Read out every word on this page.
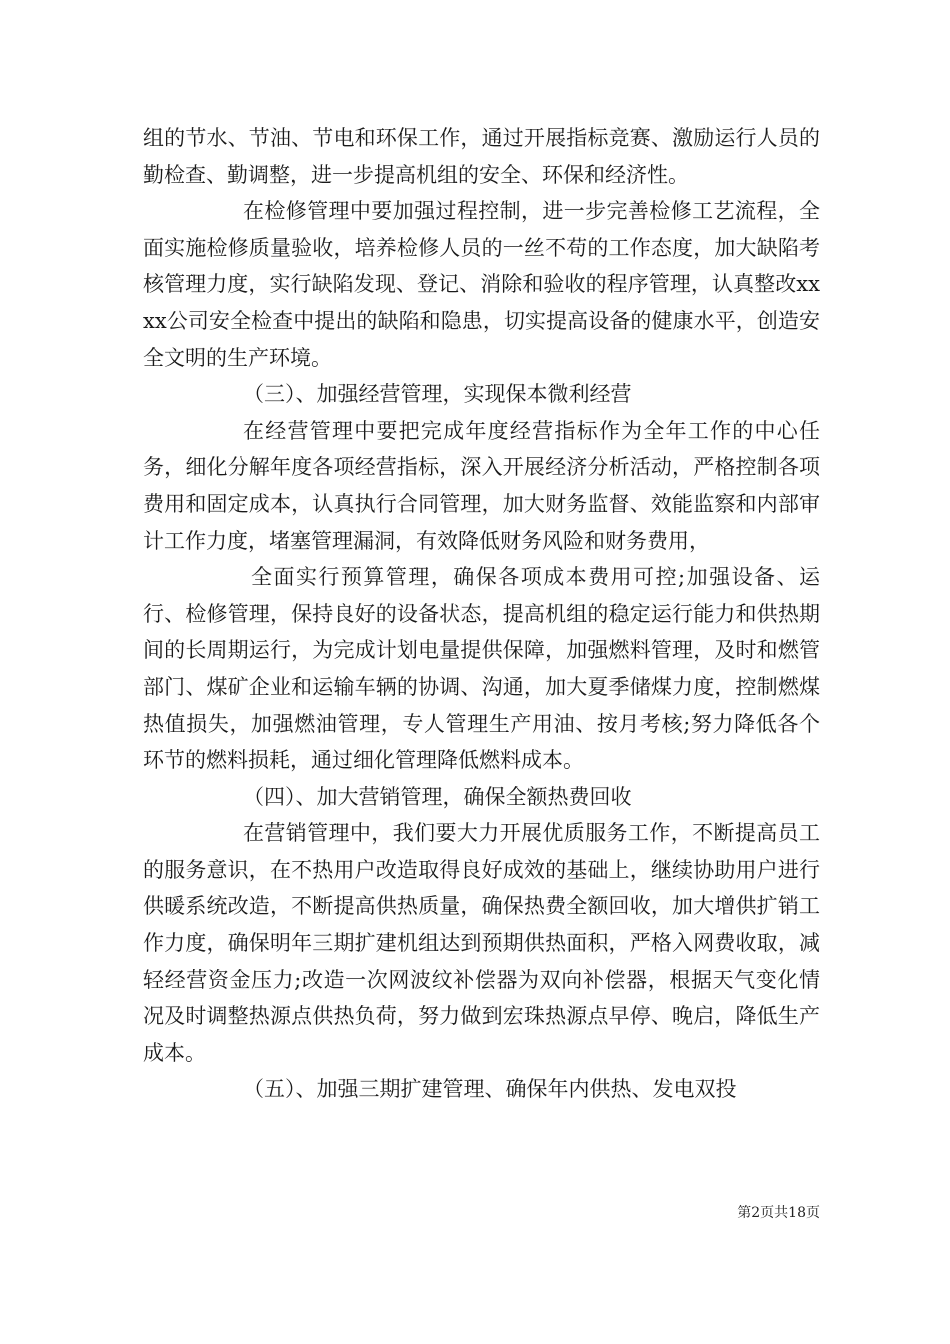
组的节水、节油、节电和环保工作，通过开展指标竞赛、激励运行人员的勤检查、勤调整，进一步提高机组的安全、环保和经济性。

在检修管理中要加强过程控制，进一步完善检修工艺流程，全面实施检修质量验收，培养检修人员的一丝不苟的工作态度，加大缺陷考核管理力度，实行缺陷发现、登记、消除和验收的程序管理，认真整改xxxx公司安全检查中提出的缺陷和隐患，切实提高设备的健康水平，创造安全文明的生产环境。

（三）、加强经营管理，实现保本微利经营

在经营管理中要把完成年度经营指标作为全年工作的中心任务，细化分解年度各项经营指标，深入开展经济分析活动，严格控制各项费用和固定成本，认真执行合同管理，加大财务监督、效能监察和内部审计工作力度，堵塞管理漏洞，有效降低财务风险和财务费用，

全面实行预算管理，确保各项成本费用可控;加强设备、运行、检修管理，保持良好的设备状态，提高机组的稳定运行能力和供热期间的长周期运行，为完成计划电量提供保障，加强燃料管理，及时和燃管部门、煤矿企业和运输车辆的协调、沟通，加大夏季储煤力度，控制燃煤热值损失，加强燃油管理，专人管理生产用油、按月考核;努力降低各个环节的燃料损耗，通过细化管理降低燃料成本。

（四）、加大营销管理，确保全额热费回收

在营销管理中，我们要大力开展优质服务工作，不断提高员工的服务意识，在不热用户改造取得良好成效的基础上，继续协助用户进行供暖系统改造，不断提高供热质量，确保热费全额回收，加大增供扩销工作力度，确保明年三期扩建机组达到预期供热面积，严格入网费收取，减轻经营资金压力;改造一次网波纹补偿器为双向补偿器，根据天气变化情况及时调整热源点供热负荷，努力做到宏珠热源点早停、晚启，降低生产成本。

（五）、加强三期扩建管理、确保年内供热、发电双投

第2页共18页
